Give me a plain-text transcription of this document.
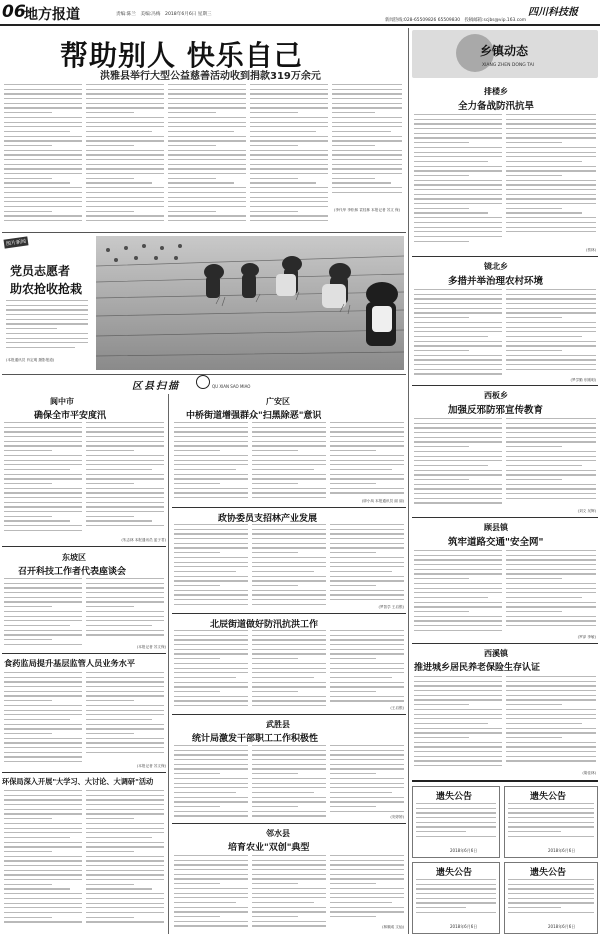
06
地方报道	责编:陈兰　美编:冯梅　2018年6月6日 星期三	四川科技报
新闻热线:028-65509826 65509830　投稿邮箱:scjbs@vip.163.com
帮助别人 快乐自己
洪雅县举行大型公益慈善活动收到捐款319万余元
(李代华 李松林 袁桂林 本报记者 苏文 保)
图片新闻
党员志愿者
助农抢收抢栽
(本报通讯员 肖定明 摄影报道)
区县扫描	QU XIAN SAO MIAO
阆中市
确保全市平安度汛
(朱志林 本报通讯员 蓝子君)
东坡区
召开科技工作者代表座谈会
(本报记者 苏文保)
食药监局提升基层监管人员业务水平
(本报记者 苏文保)
环保局深入开展"大学习、大讨论、大调研"活动
广安区
中桥街道增强群众"扫黑除恶"意识
(廖小凤 本报通讯员 丽 丽)
政协委员支招林产业发展
(罗智学 王启银)
北辰街道做好防汛抗洪工作
(王启银)
武胜县
统计局激发干部职工工作积极性
(安婷婷)
邻水县
培育农业"双创"典型
(林顺成 文灿)
乡镇动态
XIANG ZHEN DONG TAI
排楼乡
全力备战防汛抗旱
(蔡林)
镜北乡
多措并举治理农村环境
(罗学勤 东刚明)
西板乡
加强反邪防邪宣传教育
(刘文 吴辉)
顾县镇
筑牢道路交通"安全网"
(罗泽 李敏)
西溪镇
推进城乡居民养老保险生存认证
(胡佳林)
遗失公告
2018年6月6日
遗失公告
2018年6月6日
遗失公告
2018年6月6日
遗失公告
2018年6月6日
